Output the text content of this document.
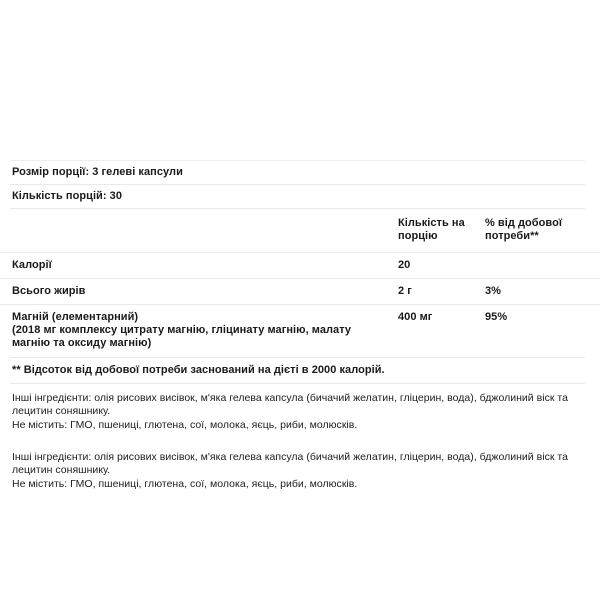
Розмір порції: 3 гелеві капсули
Кількість порцій: 30
	Кількість на порцію	% від добової потреби**

Калорії	20	

Всього жирів	2 г	3%

Магній (елементарний)
(2018 мг комплексу цитрату магнію, гліцинату магнію, малату магнію та оксиду магнію)	400 мг	95%
** Відсоток від добової потреби заснований на дієті в 2000 калорій.
Інші інгредієнти: олія рисових висівок, м'яка гелева капсула (бичачий желатин, гліцерин, вода), бджолиний віск та лецитин соняшнику.
Не містить: ГМО, пшениці, глютена, сої, молока, яєць, риби, молюсків.
Інші інгредієнти: олія рисових висівок, м'яка гелева капсула (бичачий желатин, гліцерин, вода), бджолиний віск та лецитин соняшнику.
Не містить: ГМО, пшениці, глютена, сої, молока, яєць, риби, молюсків.
